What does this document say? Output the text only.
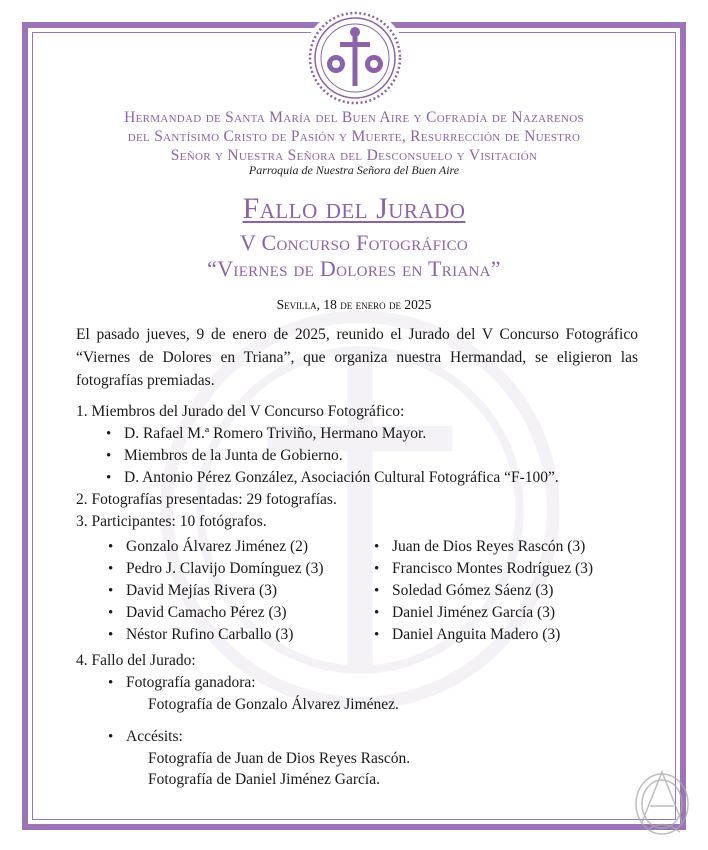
Hermandad de Santa María del Buen Aire y Cofradía de Nazarenos
del Santísimo Cristo de Pasión y Muerte, Resurrección de Nuestro
Señor y Nuestra Señora del Desconsuelo y Visitación
Parroquia de Nuestra Señora del Buen Aire
Fallo del Jurado
V Concurso Fotográfico
“Viernes de Dolores en Triana”
Sevilla, 18 de enero de 2025

El pasado jueves, 9 de enero de 2025, reunido el Jurado del V Concurso Fotográfico “Viernes de Dolores en Triana”, que organiza nuestra Hermandad, se eligieron las fotografías premiadas.

1. Miembros del Jurado del V Concurso Fotográfico:
• D. Rafael M.ª Romero Triviño, Hermano Mayor.
• Miembros de la Junta de Gobierno.
• D. Antonio Pérez González, Asociación Cultural Fotográfica “F-100”.
2. Fotografías presentadas: 29 fotografías.
3. Participantes: 10 fotógrafos.
• Gonzalo Álvarez Jiménez (2)
• Pedro J. Clavijo Domínguez (3)
• David Mejías Rivera (3)
• David Camacho Pérez (3)
• Néstor Rufino Carballo (3)
• Juan de Dios Reyes Rascón (3)
• Francisco Montes Rodríguez (3)
• Soledad Gómez Sáenz (3)
• Daniel Jiménez García (3)
• Daniel Anguita Madero (3)
4. Fallo del Jurado:
• Fotografía ganadora:
Fotografía de Gonzalo Álvarez Jiménez.
• Accésits:
Fotografía de Juan de Dios Reyes Rascón.
Fotografía de Daniel Jiménez García.
